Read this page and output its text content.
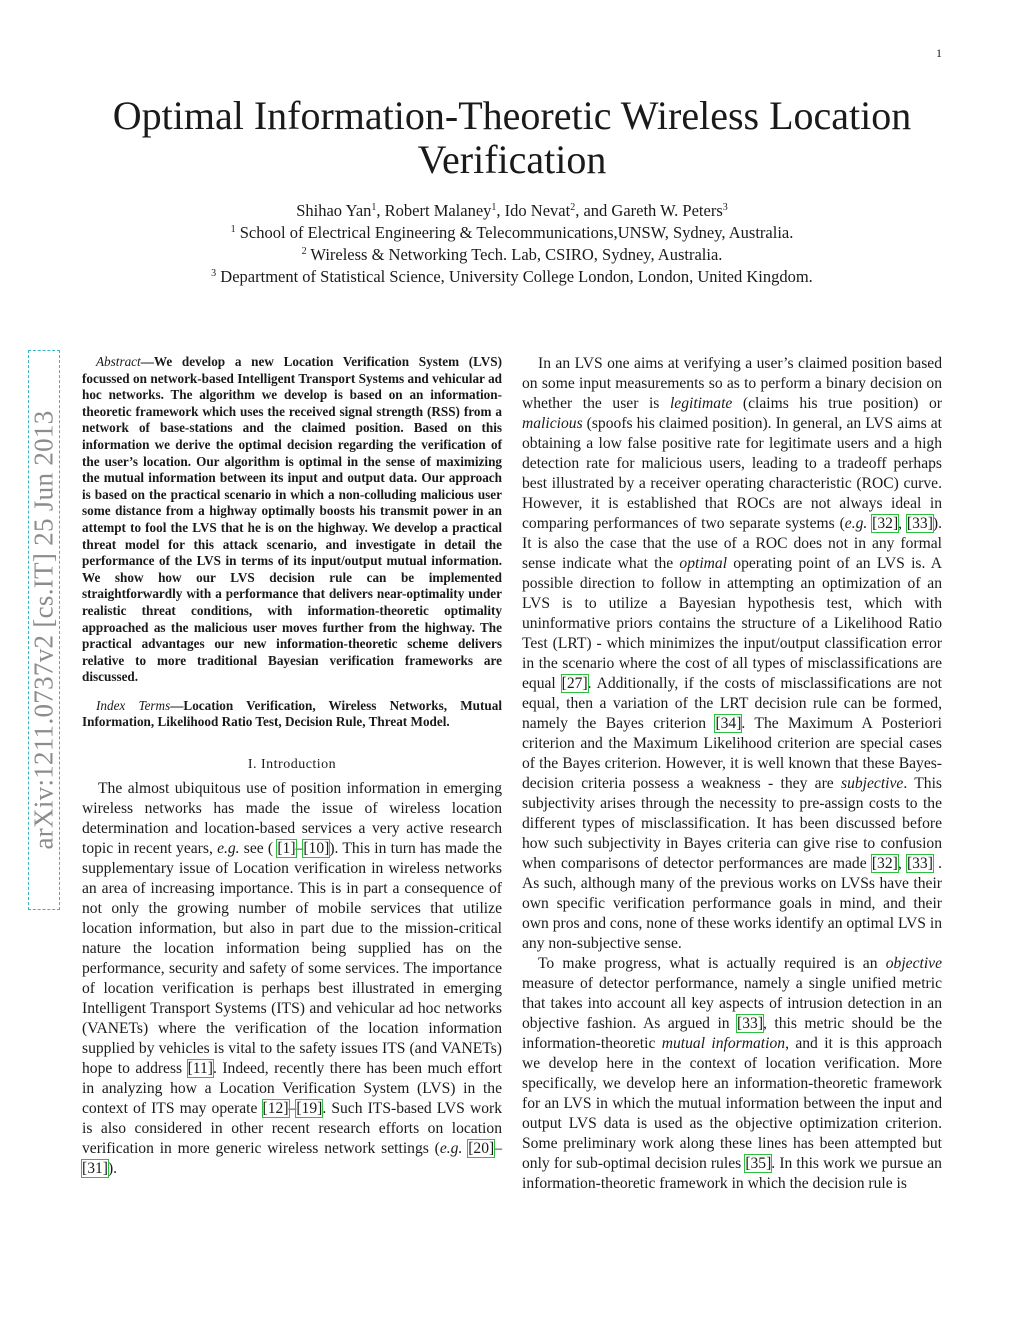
1
Optimal Information-Theoretic Wireless Location Verification
Shihao Yan$^1$, Robert Malaney$^1$, Ido Nevat$^2$, and Gareth W. Peters$^3$
$^1$ School of Electrical Engineering & Telecommunications,UNSW, Sydney, Australia.
$^2$ Wireless & Networking Tech. Lab, CSIRO, Sydney, Australia.
$^3$ Department of Statistical Science, University College London, London, United Kingdom.
arXiv:1211.0737v2 [cs.IT] 25 Jun 2013

Abstract—We develop a new Location Verification System (LVS) focussed on network-based Intelligent Transport Systems and vehicular ad hoc networks. The algorithm we develop is based on an information-theoretic framework which uses the received signal strength (RSS) from a network of base-stations and the claimed position. Based on this information we derive the optimal decision regarding the verification of the user’s location. Our algorithm is optimal in the sense of maximizing the mutual information between its input and output data. Our approach is based on the practical scenario in which a non-colluding malicious user some distance from a highway optimally boosts his transmit power in an attempt to fool the LVS that he is on the highway. We develop a practical threat model for this attack scenario, and investigate in detail the performance of the LVS in terms of its input/output mutual information. We show how our LVS decision rule can be implemented straightforwardly with a performance that delivers near-optimality under realistic threat conditions, with information-theoretic optimality approached as the malicious user moves further from the highway. The practical advantages our new information-theoretic scheme delivers relative to more traditional Bayesian verification frameworks are discussed.

Index Terms—Location Verification, Wireless Networks, Mutual Information, Likelihood Ratio Test, Decision Rule, Threat Model.

I. Introduction

The almost ubiquitous use of position information in emerging wireless networks has made the issue of wireless location determination and location-based services a very active research topic in recent years, e.g. see ( [1]–[10]). This in turn has made the supplementary issue of Location verification in wireless networks an area of increasing importance. This is in part a consequence of not only the growing number of mobile services that utilize location information, but also in part due to the mission-critical nature the location information being supplied has on the performance, security and safety of some services. The importance of location verification is perhaps best illustrated in emerging Intelligent Transport Systems (ITS) and vehicular ad hoc networks (VANETs) where the verification of the location information supplied by vehicles is vital to the safety issues ITS (and VANETs) hope to address [11]. Indeed, recently there has been much effort in analyzing how a Location Verification System (LVS) in the context of ITS may operate [12]–[19]. Such ITS-based LVS work is also considered in other recent research efforts on location verification in more generic wireless network settings (e.g. [20]–[31]).

In an LVS one aims at verifying a user’s claimed position based on some input measurements so as to perform a binary decision on whether the user is legitimate (claims his true position) or malicious (spoofs his claimed position). In general, an LVS aims at obtaining a low false positive rate for legitimate users and a high detection rate for malicious users, leading to a tradeoff perhaps best illustrated by a receiver operating characteristic (ROC) curve. However, it is established that ROCs are not always ideal in comparing performances of two separate systems (e.g. [32], [33]). It is also the case that the use of a ROC does not in any formal sense indicate what the optimal operating point of an LVS is. A possible direction to follow in attempting an optimization of an LVS is to utilize a Bayesian hypothesis test, which with uninformative priors contains the structure of a Likelihood Ratio Test (LRT) - which minimizes the input/output classification error in the scenario where the cost of all types of misclassifications are equal [27]. Additionally, if the costs of misclassifications are not equal, then a variation of the LRT decision rule can be formed, namely the Bayes criterion [34]. The Maximum A Posteriori criterion and the Maximum Likelihood criterion are special cases of the Bayes criterion. However, it is well known that these Bayes-decision criteria possess a weakness - they are subjective. This subjectivity arises through the necessity to pre-assign costs to the different types of misclassification. It has been discussed before how such subjectivity in Bayes criteria can give rise to confusion when comparisons of detector performances are made [32], [33] . As such, although many of the previous works on LVSs have their own specific verification performance goals in mind, and their own pros and cons, none of these works identify an optimal LVS in any non-subjective sense.

To make progress, what is actually required is an objective measure of detector performance, namely a single unified metric that takes into account all key aspects of intrusion detection in an objective fashion. As argued in [33], this metric should be the information-theoretic mutual information, and it is this approach we develop here in the context of location verification. More specifically, we develop here an information-theoretic framework for an LVS in which the mutual information between the input and output LVS data is used as the objective optimization criterion. Some preliminary work along these lines has been attempted but only for sub-optimal decision rules [35]. In this work we pursue an information-theoretic framework in which the decision rule is
